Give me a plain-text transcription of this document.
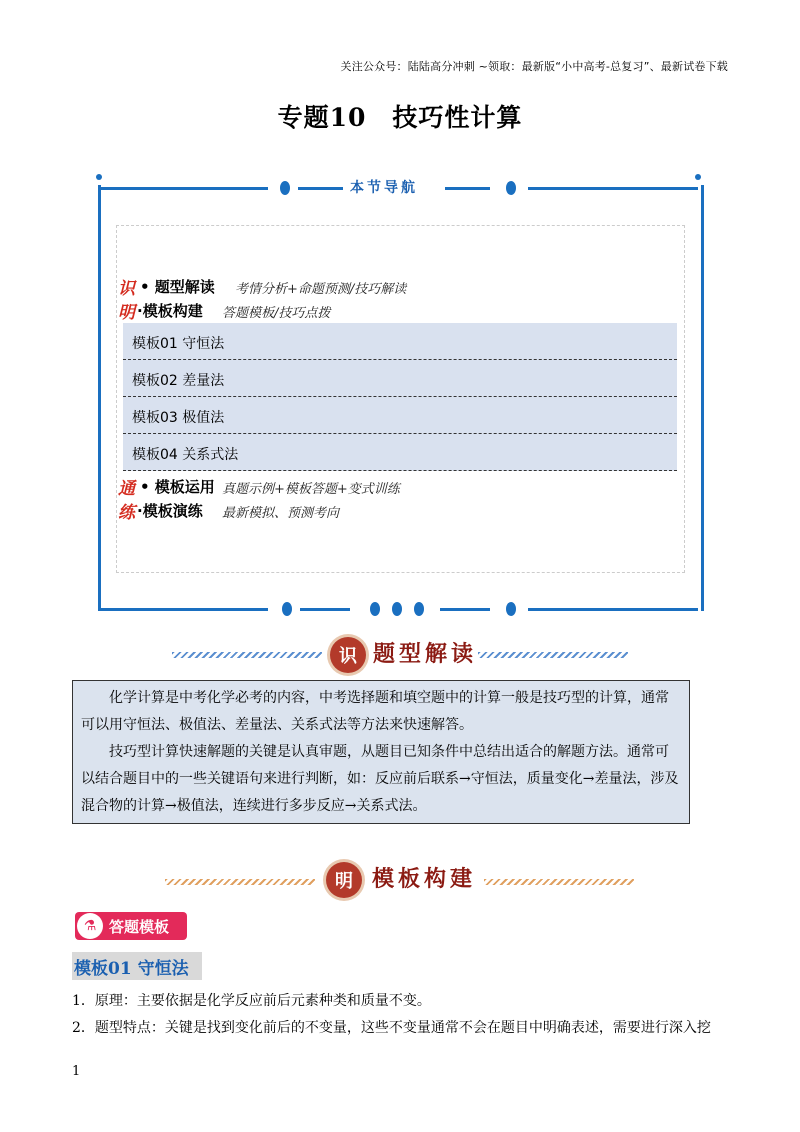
关注公众号：陆陆高分冲刺 ~领取：最新版“小中高考-总复习”、最新试卷下载
专题10　技巧性计算
本节导航
识 • 题型解读 考情分析+命题预测/技巧解读
明 ·模板构建 答题模板/技巧点拨
模板01 守恒法
模板02 差量法
模板03 极值法
模板04 关系式法
通 • 模板运用 真题示例+模板答题+变式训练
练 ·模板演练 最新模拟、预测考向
识 题型解读
化学计算是中考化学必考的内容，中考选择题和填空题中的计算一般是技巧型的计算，通常可以用守恒法、极值法、差量法、关系式法等方法来快速解答。
技巧型计算快速解题的关键是认真审题，从题目已知条件中总结出适合的解题方法。通常可以结合题目中的一些关键语句来进行判断，如：反应前后联系→守恒法，质量变化→差量法，涉及混合物的计算→极值法，连续进行多步反应→关系式法。
明 模板构建
⚗ 答题模板
模板01 守恒法
1．原理：主要依据是化学反应前后元素种类和质量不变。
2．题型特点：关键是找到变化前后的不变量，这些不变量通常不会在题目中明确表述，需要进行深入挖
1
